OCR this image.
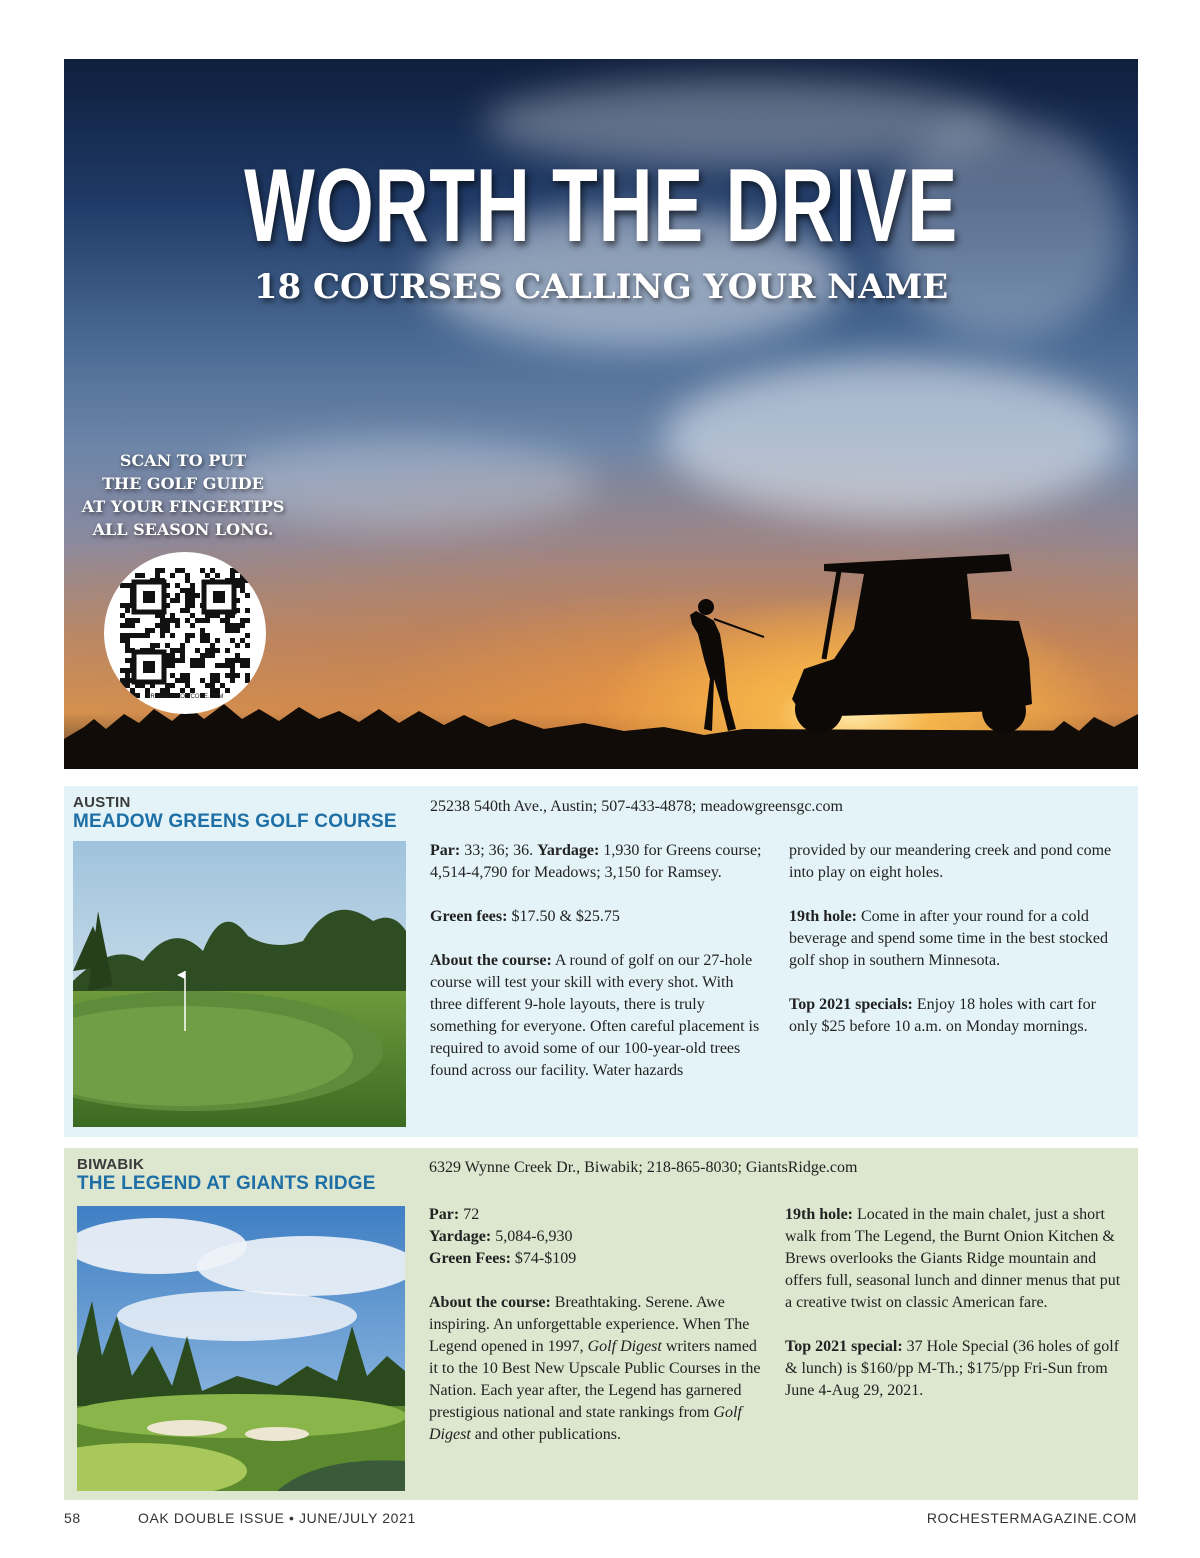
WORTH THE DRIVE
18 COURSES CALLING YOUR NAME
SCAN TO PUT
THE GOLF GUIDE
AT YOUR FINGERTIPS
ALL SEASON LONG.
PRIVACY.FLOWCODE.COM
AUSTIN
MEADOW GREENS GOLF COURSE
25238 540th Ave., Austin; 507-433-4878; meadowgreensgc.com

Par: 33; 36; 36. Yardage: 1,930 for Greens course; 4,514-4,790 for Meadows; 3,150 for Ramsey.

Green fees: $17.50 & $25.75

About the course: A round of golf on our 27-hole course will test your skill with every shot. With three different 9-hole layouts, there is truly something for everyone. Often careful placement is required to avoid some of our 100-year-old trees found across our facility. Water hazards

provided by our meandering creek and pond come into play on eight holes.

19th hole: Come in after your round for a cold beverage and spend some time in the best stocked golf shop in southern Minnesota.

Top 2021 specials: Enjoy 18 holes with cart for only $25 before 10 a.m. on Monday mornings.

BIWABIK
THE LEGEND AT GIANTS RIDGE
6329 Wynne Creek Dr., Biwabik; 218-865-8030; GiantsRidge.com

Par: 72

Yardage: 5,084-6,930

Green Fees: $74-$109

About the course: Breathtaking. Serene. Awe inspiring. An unforgettable experience. When The Legend opened in 1997, Golf Digest writers named it to the 10 Best New Upscale Public Courses in the Nation. Each year after, the Legend has garnered prestigious national and state rankings from Golf Digest and other publications.

19th hole: Located in the main chalet, just a short walk from The Legend, the Burnt Onion Kitchen & Brews overlooks the Giants Ridge mountain and offers full, seasonal lunch and dinner menus that put a creative twist on classic American fare.

Top 2021 special: 37 Hole Special (36 holes of golf & lunch) is $160/pp M-Th.; $175/pp Fri-Sun from June 4-Aug 29, 2021.

58	OAK DOUBLE ISSUE • JUNE/JULY 2021	ROCHESTERMAGAZINE.COM
